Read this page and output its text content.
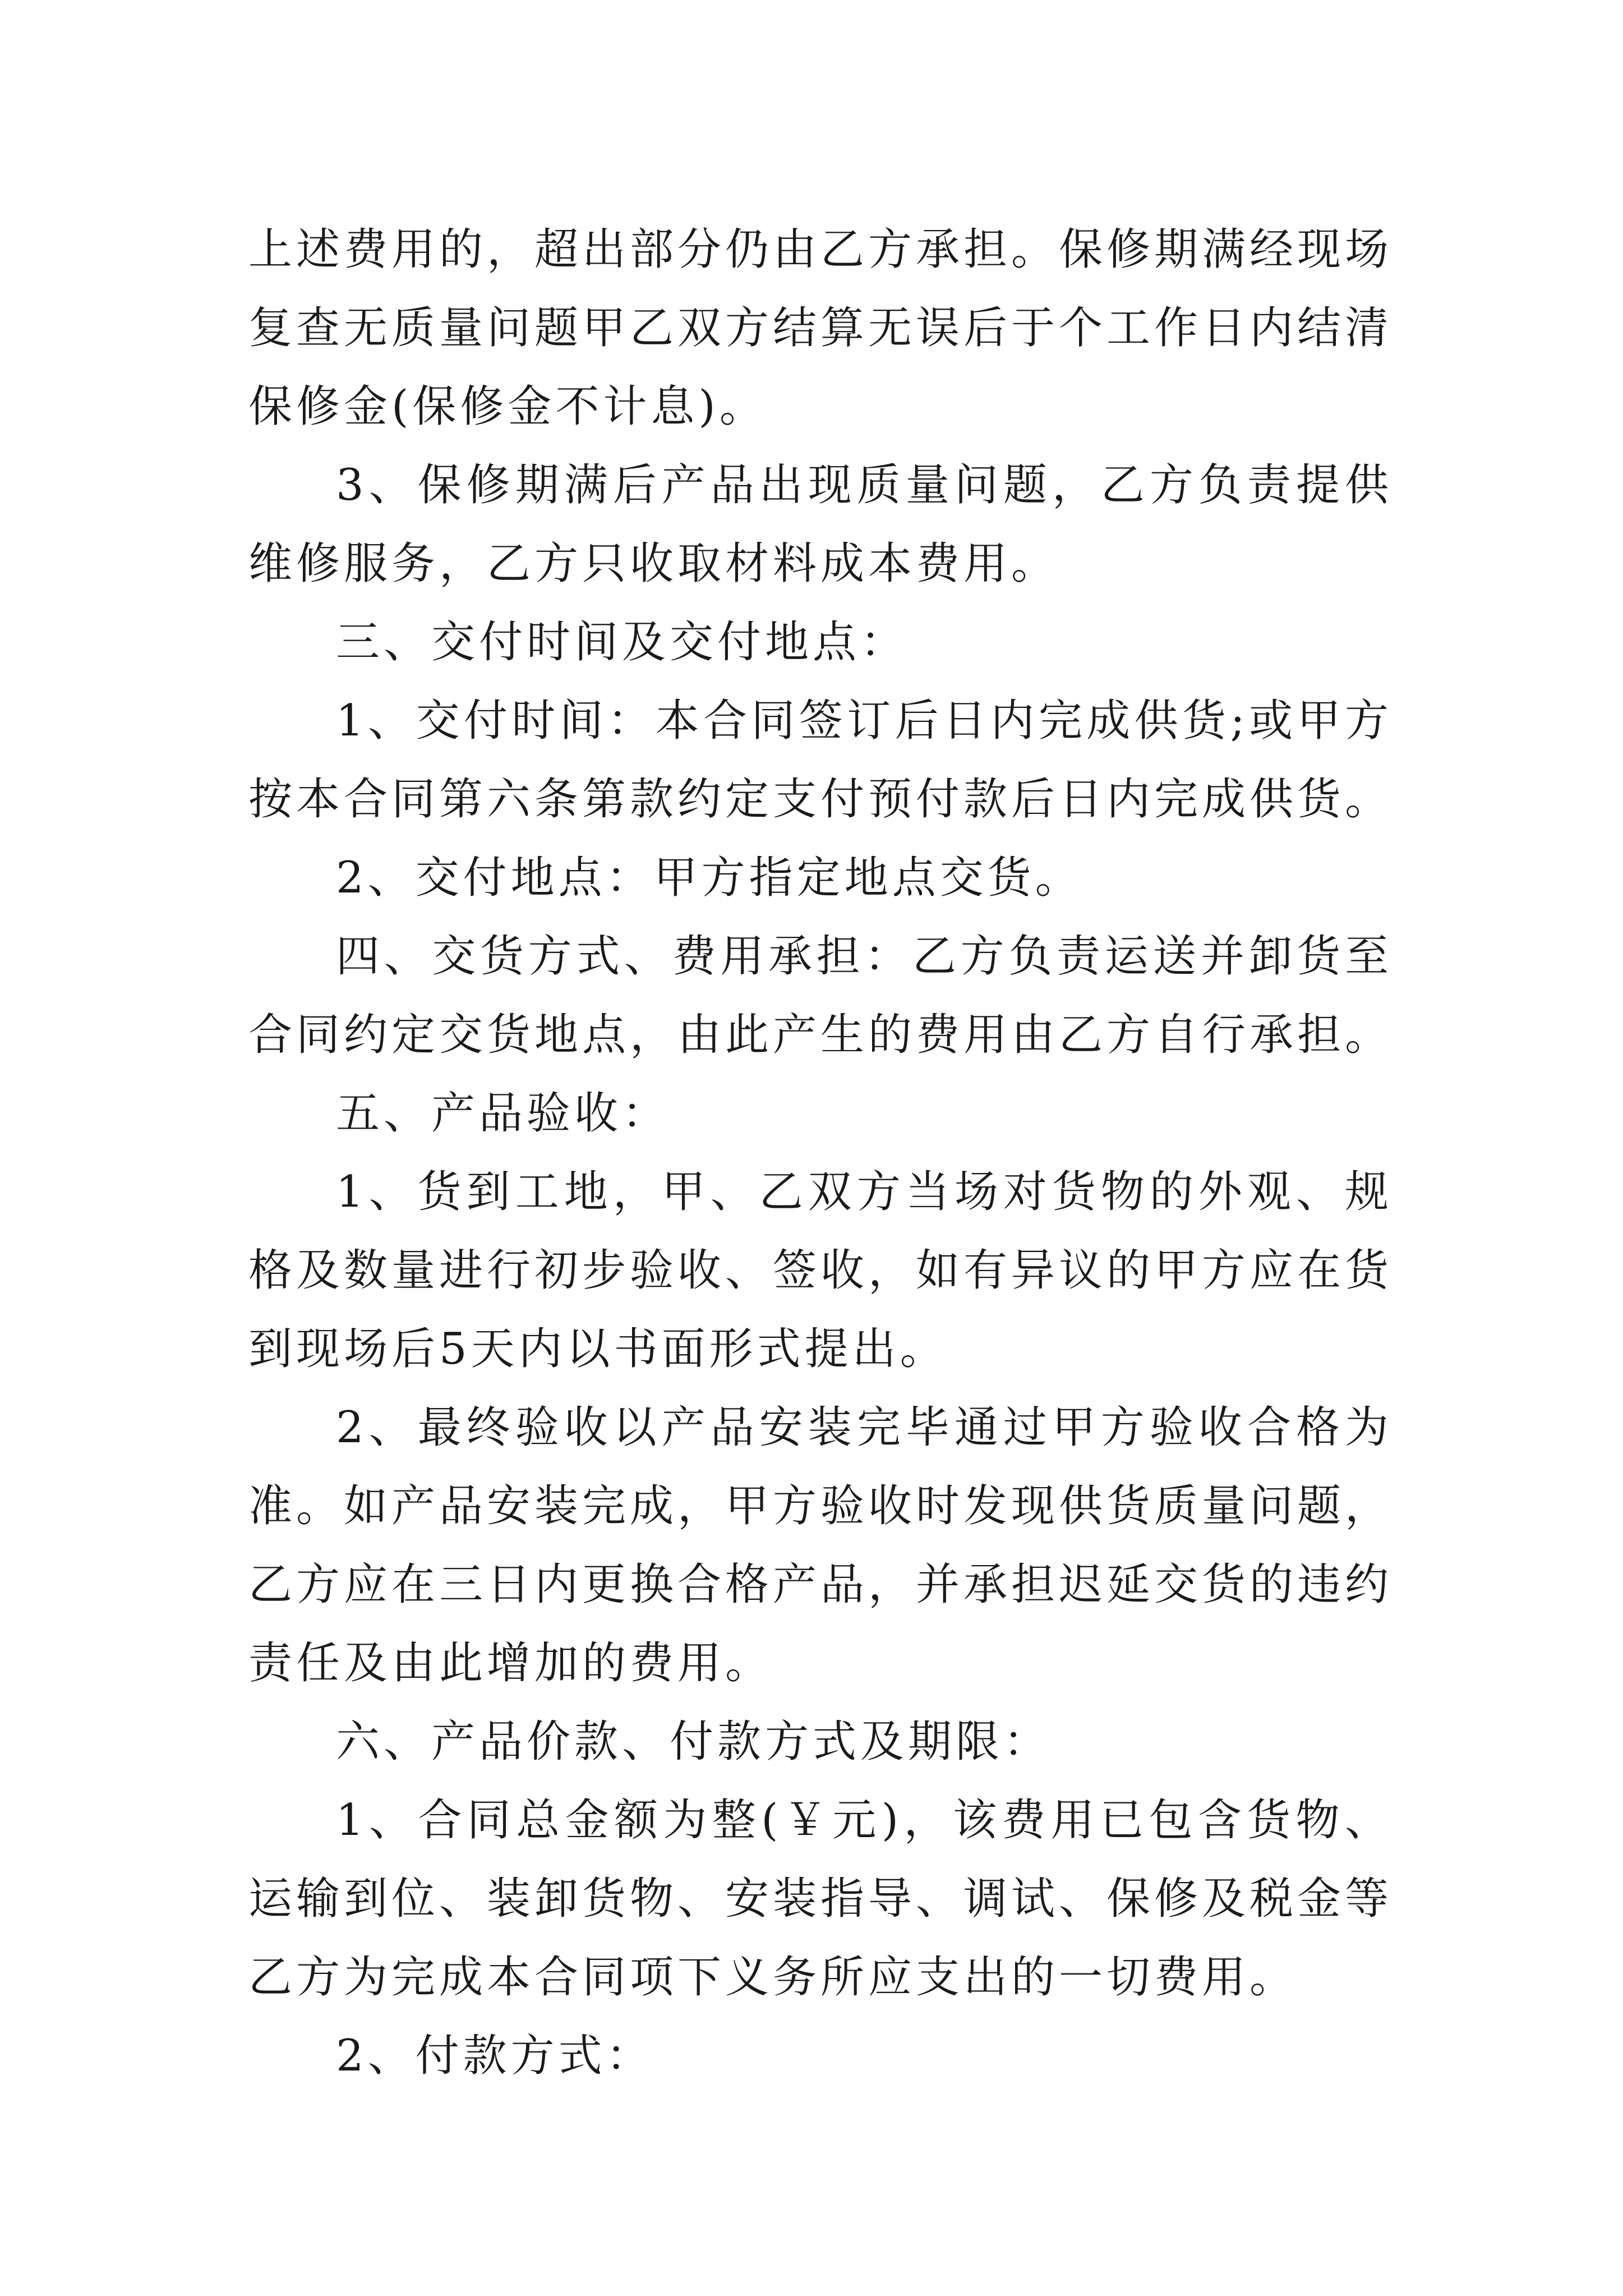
上述费用的，超出部分仍由乙方承担。保修期满经现场复查无质量问题甲乙双方结算无误后于个工作日内结清保修金(保修金不计息)。

3、保修期满后产品出现质量问题，乙方负责提供维修服务，乙方只收取材料成本费用。

三、交付时间及交付地点：

1、交付时间：本合同签订后日内完成供货;或甲方按本合同第六条第款约定支付预付款后日内完成供货。

2、交付地点：甲方指定地点交货。

四、交货方式、费用承担：乙方负责运送并卸货至合同约定交货地点，由此产生的费用由乙方自行承担。

五、产品验收：

1、货到工地，甲、乙双方当场对货物的外观、规格及数量进行初步验收、签收，如有异议的甲方应在货到现场后5天内以书面形式提出。

2、最终验收以产品安装完毕通过甲方验收合格为准。如产品安装完成，甲方验收时发现供货质量问题，乙方应在三日内更换合格产品，并承担迟延交货的违约责任及由此增加的费用。

六、产品价款、付款方式及期限：

1、合同总金额为整(￥元)，该费用已包含货物、运输到位、装卸货物、安装指导、调试、保修及税金等乙方为完成本合同项下义务所应支出的一切费用。

2、付款方式：
